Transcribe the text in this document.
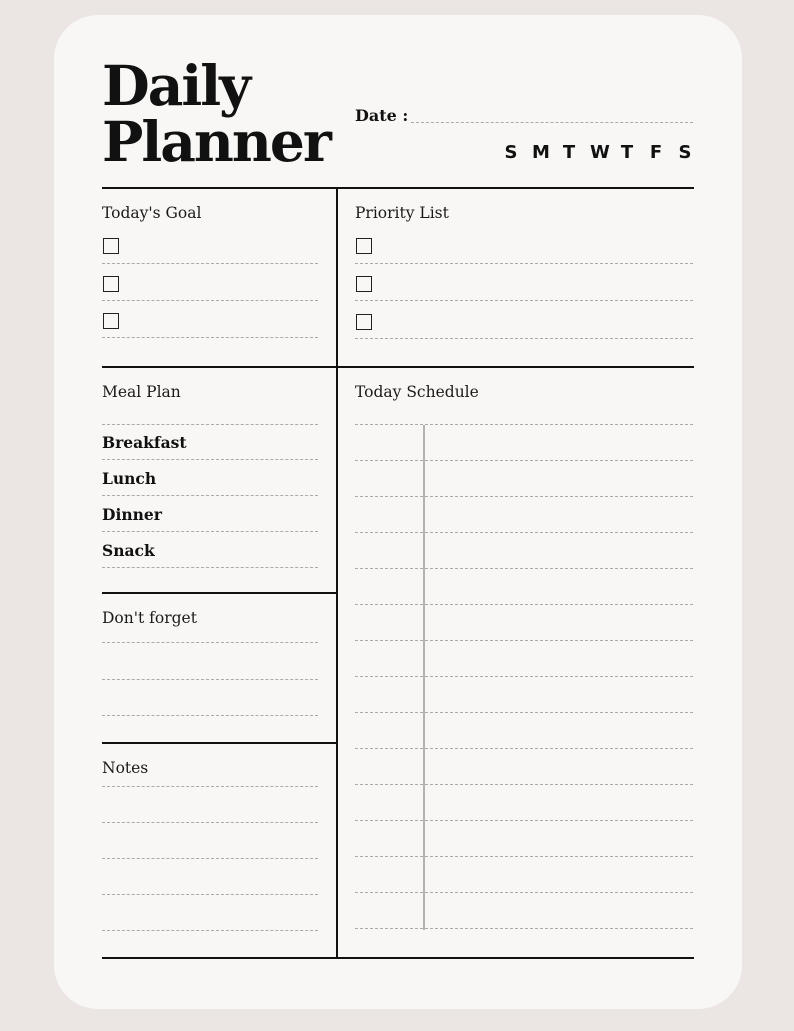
Daily
Planner Date :
S M T W T F S
Today's Goal	Priority List
Meal Plan
Breakfast
Lunch
Dinner
Snack
Don't forget
Notes
Today Schedule
